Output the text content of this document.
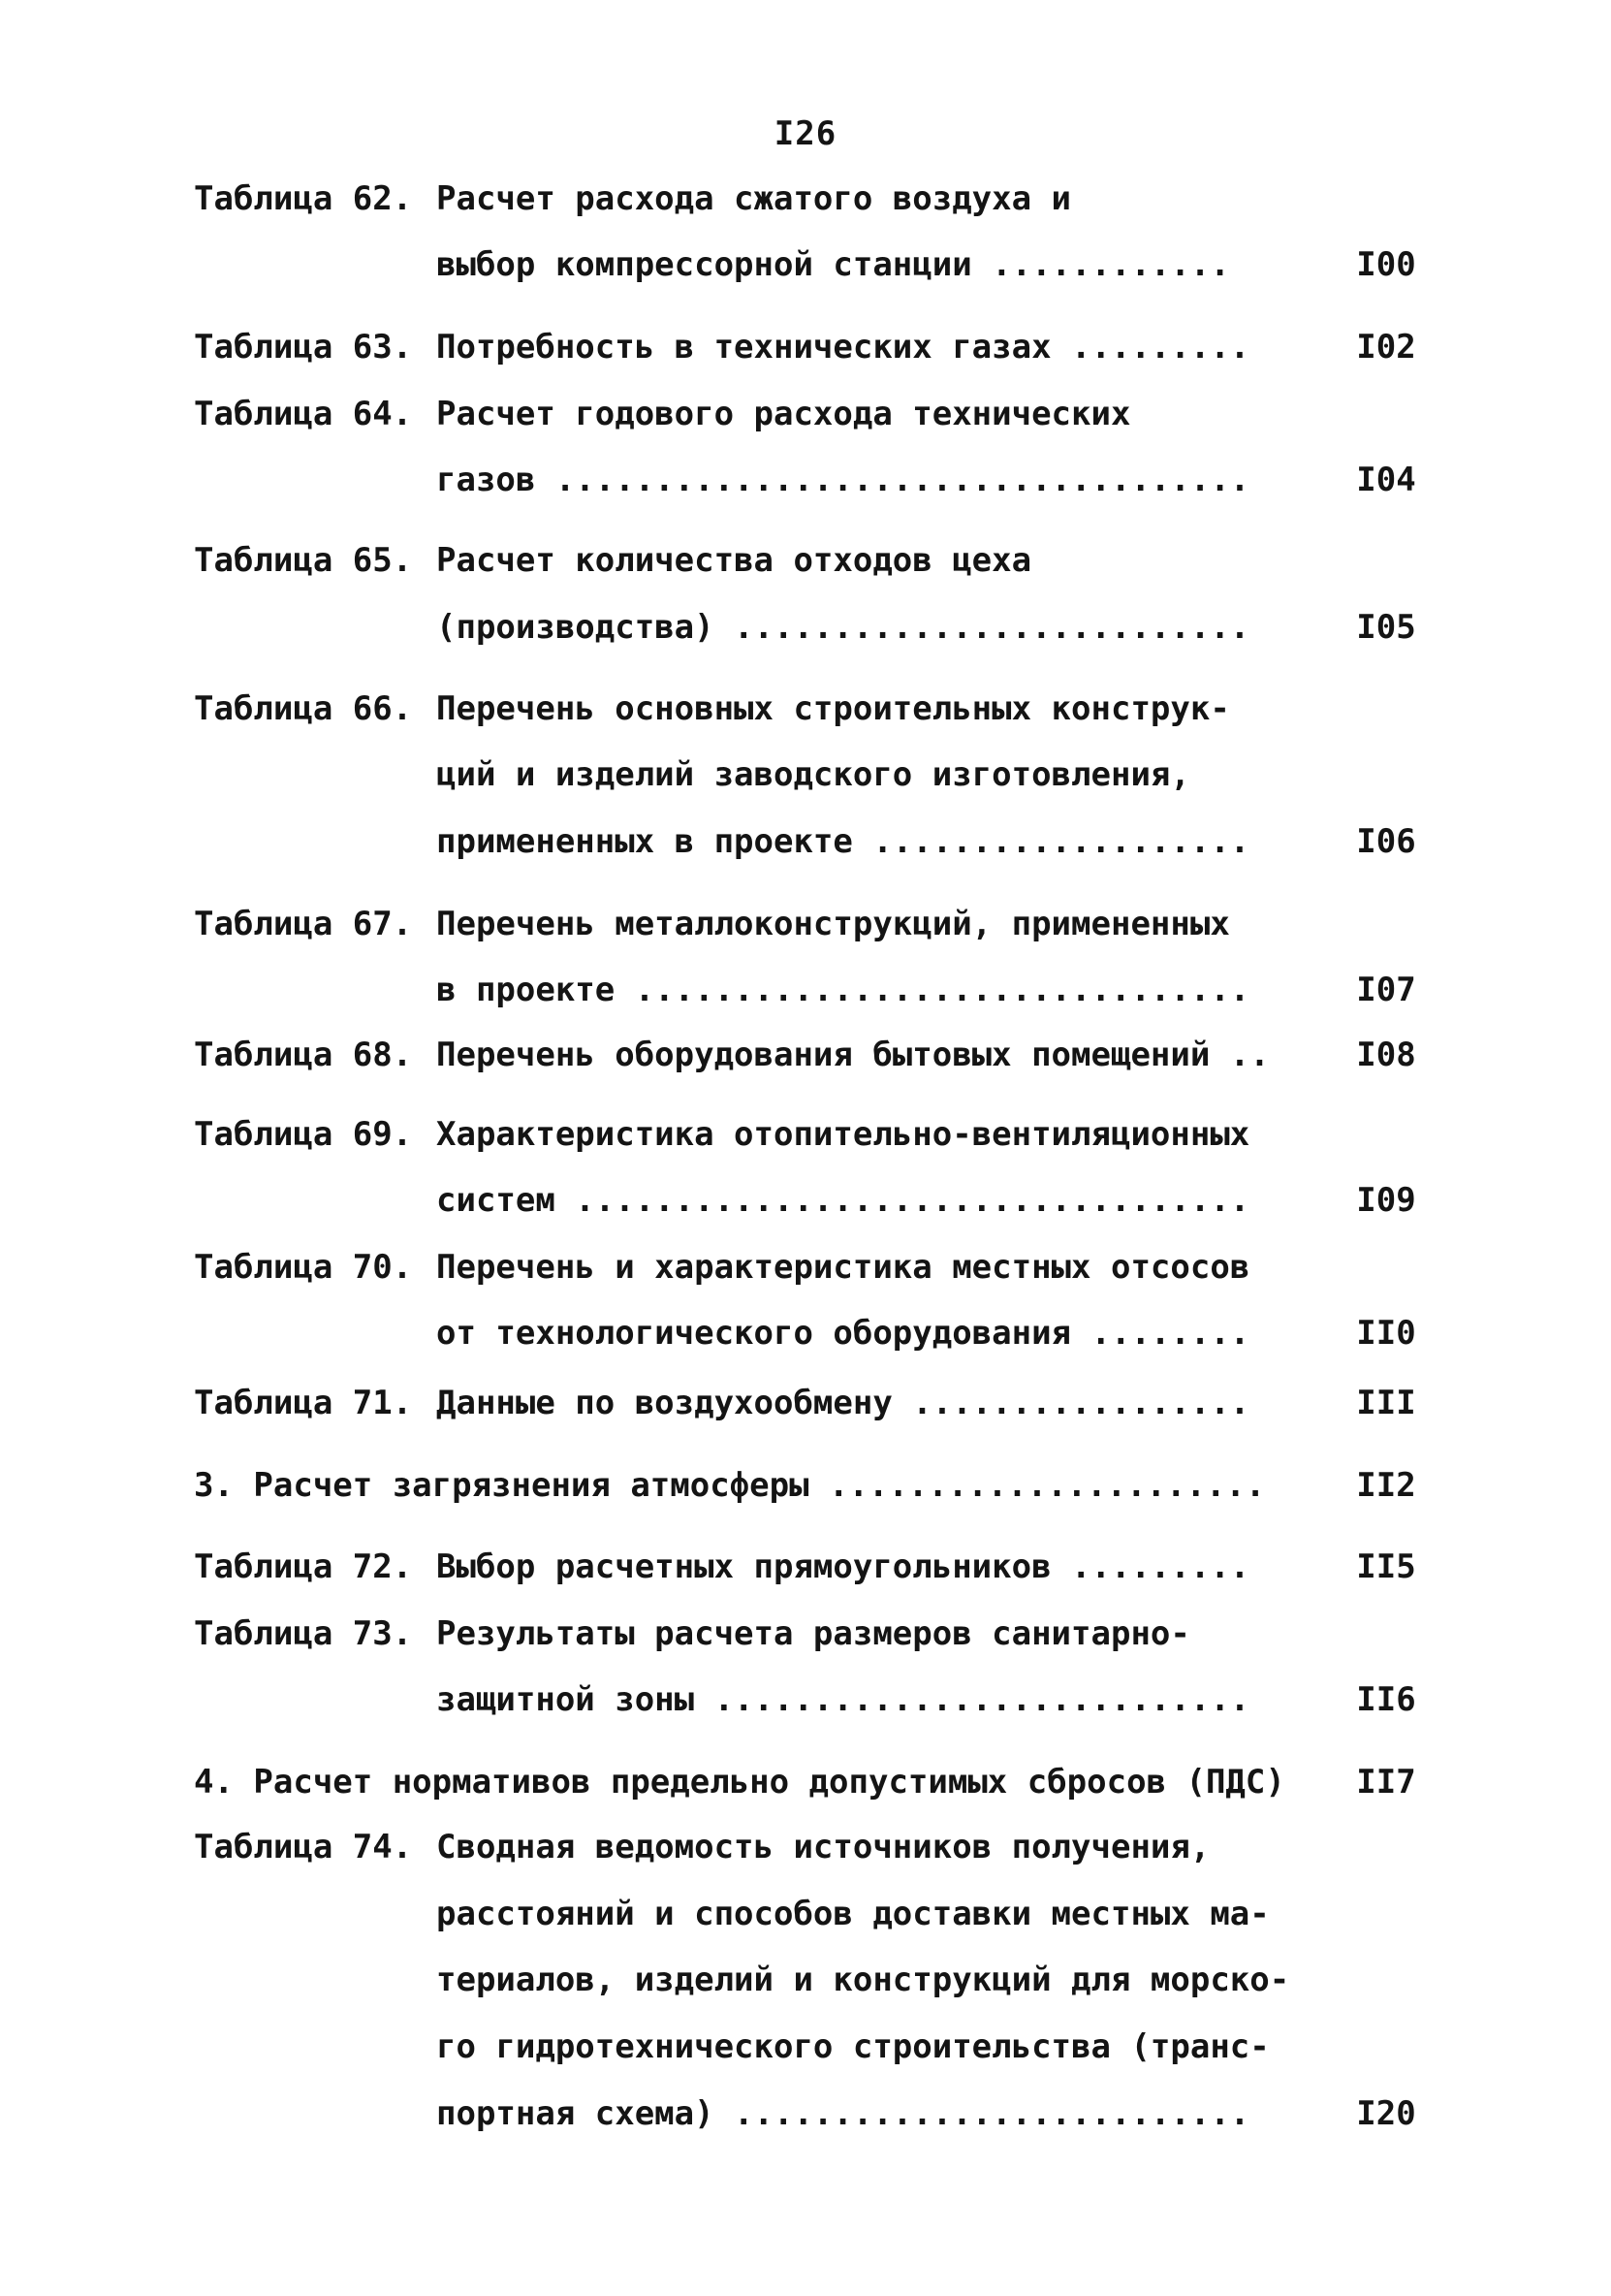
I26
Таблица 62. Расчет расхода сжатого воздуха и
выбор компрессорной станции ............	I00
Таблица 63. Потребность в технических газах .........	I02
Таблица 64. Расчет годового расхода технических
газов ...................................	I04
Таблица 65. Расчет количества отходов цеха
(производства) ..........................	I05
Таблица 66. Перечень основных строительных конструк-
ций и изделий заводского изготовления,
примененных в проекте ...................	I06
Таблица 67. Перечень металлоконструкций, примененных
в проекте ...............................	I07
Таблица 68. Перечень оборудования бытовых помещений ..	I08
Таблица 69. Характеристика отопительно-вентиляционных
систем ..................................	I09
Таблица 70. Перечень и характеристика местных отсосов
от технологического оборудования ........	II0
Таблица 71. Данные по воздухообмену .................	III
3. Расчет загрязнения атмосферы ......................	II2
Таблица 72. Выбор расчетных прямоугольников .........	II5
Таблица 73. Результаты расчета размеров санитарно-
защитной зоны ...........................	II6
4. Расчет нормативов предельно допустимых сбросов (ПДС) II7
Таблица 74. Сводная ведомость источников получения,
расстояний и способов доставки местных ма-
териалов, изделий и конструкций для морско-
го гидротехнического строительства (транс-
портная схема) ..........................	I20
